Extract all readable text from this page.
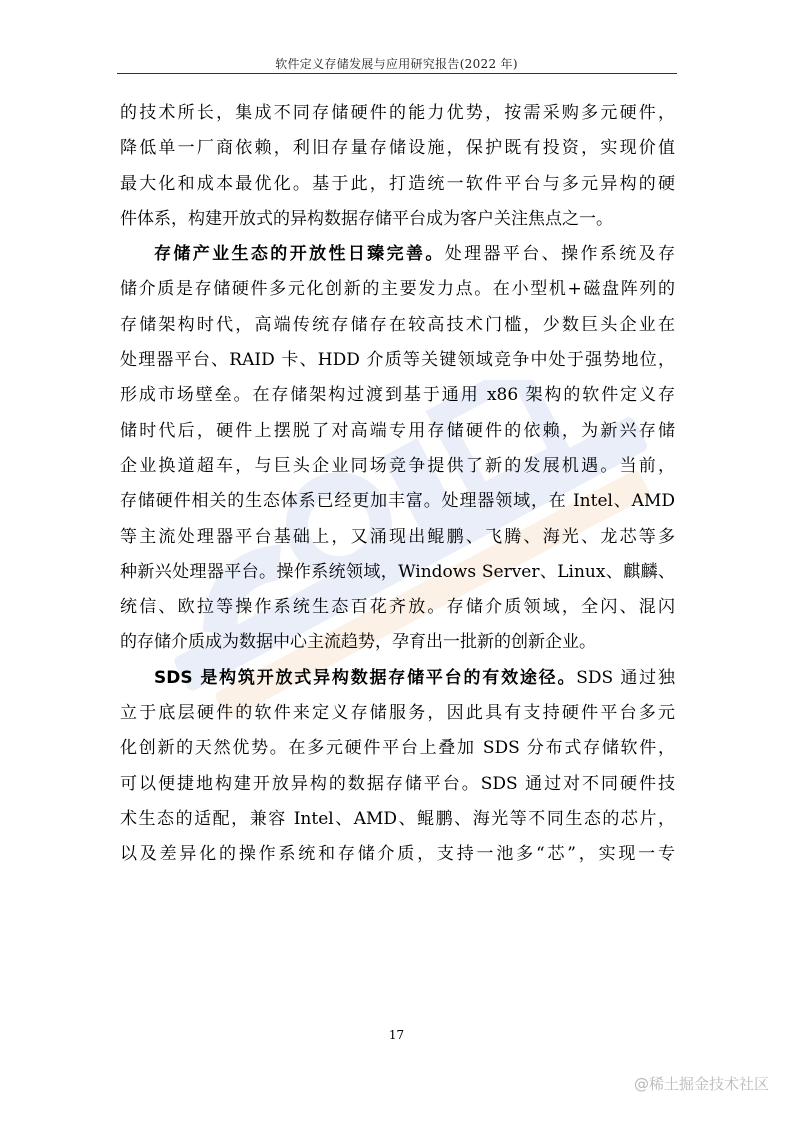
软件定义存储发展与应用研究报告(2022 年)
的技术所长，集成不同存储硬件的能力优势，按需采购多元硬件，
降低单一厂商依赖，利旧存量存储设施，保护既有投资，实现价值
最大化和成本最优化。基于此，打造统一软件平台与多元异构的硬
件体系，构建开放式的异构数据存储平台成为客户关注焦点之一。
存储产业生态的开放性日臻完善。处理器平台、操作系统及存
储介质是存储硬件多元化创新的主要发力点。在小型机+磁盘阵列的
存储架构时代，高端传统存储存在较高技术门槛，少数巨头企业在
处理器平台、RAID 卡、HDD 介质等关键领域竞争中处于强势地位，
形成市场壁垒。在存储架构过渡到基于通用 x86 架构的软件定义存
储时代后，硬件上摆脱了对高端专用存储硬件的依赖，为新兴存储
企业换道超车，与巨头企业同场竞争提供了新的发展机遇。当前，
存储硬件相关的生态体系已经更加丰富。处理器领域，在 Intel、AMD
等主流处理器平台基础上，又涌现出鲲鹏、飞腾、海光、龙芯等多
种新兴处理器平台。操作系统领域，Windows Server、Linux、麒麟、
统信、欧拉等操作系统生态百花齐放。存储介质领域，全闪、混闪
的存储介质成为数据中心主流趋势，孕育出一批新的创新企业。
SDS 是构筑开放式异构数据存储平台的有效途径。SDS 通过独
立于底层硬件的软件来定义存储服务，因此具有支持硬件平台多元
化创新的天然优势。在多元硬件平台上叠加 SDS 分布式存储软件，
可以便捷地构建开放异构的数据存储平台。SDS 通过对不同硬件技
术生态的适配，兼容 Intel、AMD、鲲鹏、海光等不同生态的芯片，
以及差异化的操作系统和存储介质，支持一池多“芯”，实现一专
17
@稀土掘金技术社区
